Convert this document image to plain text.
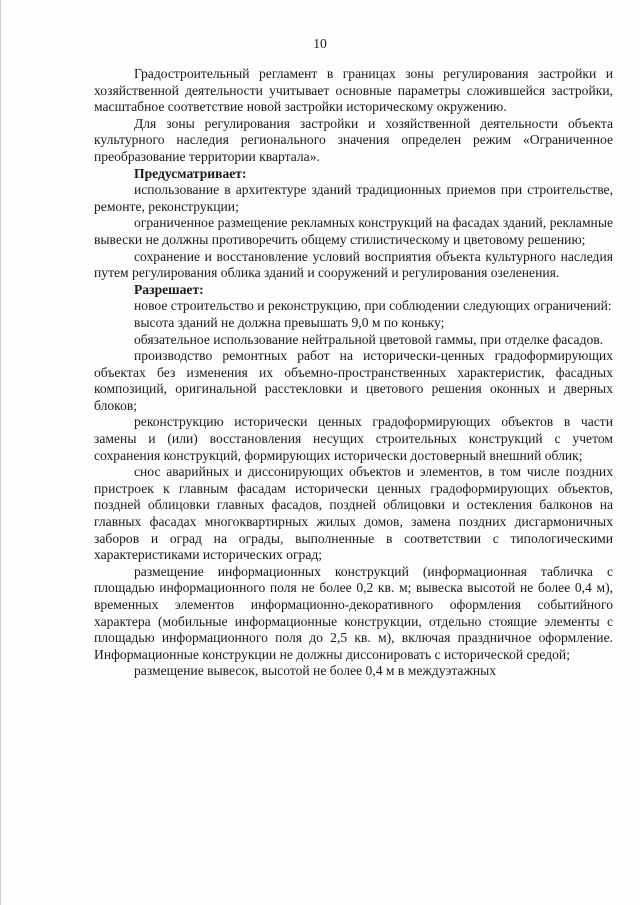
10

Градостроительный регламент в границах зоны регулирования застройки и хозяйственной деятельности учитывает основные параметры сложившейся застройки, масштабное соответствие новой застройки историческому окружению.

Для зоны регулирования застройки и хозяйственной деятельности объекта культурного наследия регионального значения определен режим «Ограниченное преобразование территории квартала».

Предусматривает:

использование в архитектуре зданий традиционных приемов при строительстве, ремонте, реконструкции;

ограниченное размещение рекламных конструкций на фасадах зданий, рекламные вывески не должны противоречить общему стилистическому и цветовому решению;

сохранение и восстановление условий восприятия объекта культурного наследия путем регулирования облика зданий и сооружений и регулирования озеленения.

Разрешает:

новое строительство и реконструкцию, при соблюдении следующих ограничений:

высота зданий не должна превышать 9,0 м по коньку;

обязательное использование нейтральной цветовой гаммы, при отделке фасадов.

производство ремонтных работ на исторически-ценных градоформирующих объектах без изменения их объемно-пространственных характеристик, фасадных композиций, оригинальной расстекловки и цветового решения оконных и дверных блоков;

реконструкцию исторически ценных градоформирующих объектов в части замены и (или) восстановления несущих строительных конструкций с учетом сохранения конструкций, формирующих исторически достоверный внешний облик;

снос аварийных и диссонирующих объектов и элементов, в том числе поздних пристроек к главным фасадам исторически ценных градоформирующих объектов, поздней облицовки главных фасадов, поздней облицовки и остекления балконов на главных фасадах многоквартирных жилых домов, замена поздних дисгармоничных заборов и оград на ограды, выполненные в соответствии с типологическими характеристиками исторических оград;

размещение информационных конструкций (информационная табличка с площадью информационного поля не более 0,2 кв. м; вывеска высотой не более 0,4 м), временных элементов информационно-декоративного оформления событийного характера (мобильные информационные конструкции, отдельно стоящие элементы с площадью информационного поля до 2,5 кв. м), включая праздничное оформление. Информационные конструкции не должны диссонировать с исторической средой;

размещение вывесок, высотой не более 0,4 м в междуэтажных
